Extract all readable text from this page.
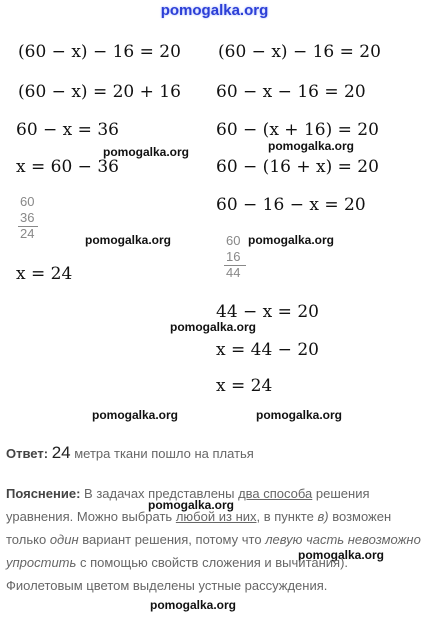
pomogalka.org
(60 − x) − 16 = 20
(60 − x) = 20 + 16
60 − x = 36
x = 60 − 36
60
36
24
x = 24
(60 − x) − 16 = 20
60 − x − 16 = 20
60 − (x + 16) = 20
60 − (16 + x) = 20
60 − 16 − x = 20
60
16
44
44 − x = 20
x = 44 − 20
x = 24
pomogalka.org	pomogalka.org
pomogalka.org	pomogalka.org
pomogalka.org
pomogalka.org	pomogalka.org
pomogalka.org
pomogalka.org
pomogalka.org
Ответ: 24 метра ткани пошло на платья
Пояснение: В задачах представлены два способа решения уравнения. Можно выбрать любой из них, в пункте в) возможен только один вариант решения, потому что левую часть невозможно упростить с помощью свойств сложения и вычитания). Фиолетовым цветом выделены устные рассуждения.
